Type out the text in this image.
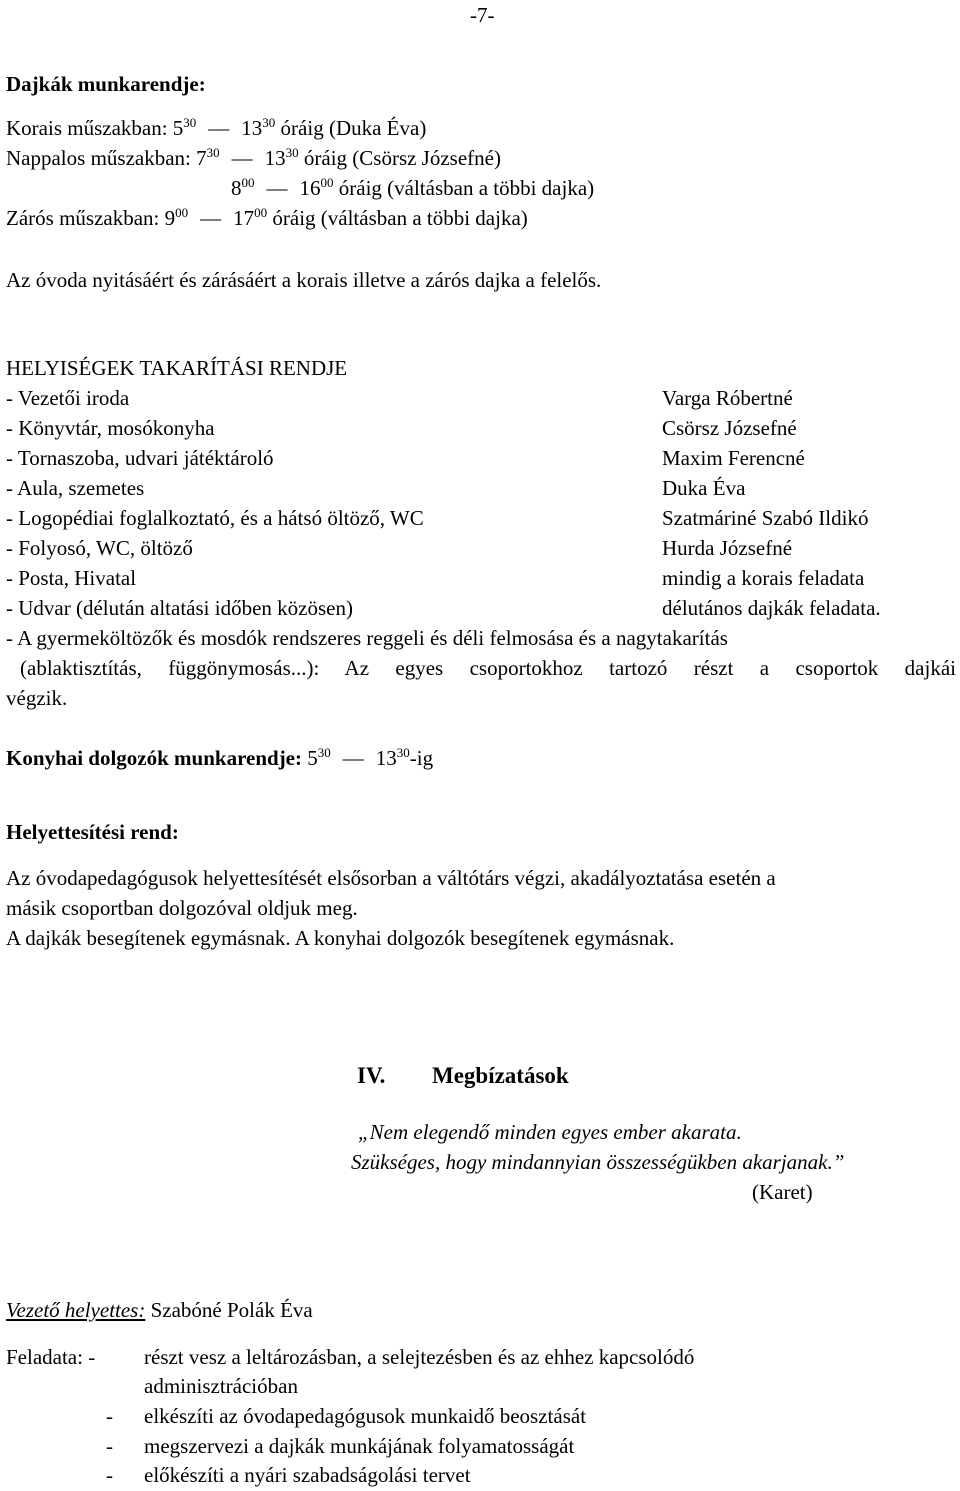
-7-
Dajkák munkarendje:
Korais műszakban: $5^{30}$ — $13^{30}$ óráig (Duka Éva)
Nappalos műszakban: $7^{30}$ — $13^{30}$ óráig (Csörsz Józsefné)
$8^{00}$ — $16^{00}$ óráig (váltásban a többi dajka)
Zárós műszakban: $9^{00}$ — $17^{00}$ óráig (váltásban a többi dajka)
Az óvoda nyitásáért és zárásáért a korais illetve a zárós dajka a felelős.
HELYISÉGEK TAKARÍTÁSI RENDJE
- Vezetői iroda	Varga Róbertné
- Könyvtár, mosókonyha	Csörsz Józsefné
- Tornaszoba, udvari játéktároló	Maxim Ferencné
- Aula, szemetes	Duka Éva
- Logopédiai foglalkoztató, és a hátsó öltöző, WC	Szatmáriné Szabó Ildikó
- Folyosó, WC, öltöző	Hurda Józsefné
- Posta, Hivatal	mindig a korais feladata
- Udvar (délután altatási időben közösen)	délutános dajkák feladata.
- A gyermeköltözők és mosdók rendszeres reggeli és déli felmosása és a nagytakarítás
(ablaktisztítás, függönymosás...): Az egyes csoportokhoz tartozó részt a csoportok dajkái
végzik.
Konyhai dolgozók munkarendje: $5^{30}$ — $13^{30}-ig$
Helyettesítési rend:
Az óvodapedagógusok helyettesítését elsősorban a váltótárs végzi, akadályoztatása esetén a
másik csoportban dolgozóval oldjuk meg.
A dajkák besegítenek egymásnak. A konyhai dolgozók besegítenek egymásnak.
IV. Megbízatások
„Nem elegendő minden egyes ember akarata.
Szükséges, hogy mindannyian összességükben akarjanak.”
(Karet)
Vezető helyettes: Szabóné Polák Éva
Feladata: - részt vesz a leltározásban, a selejtezésben és az ehhez kapcsolódó
adminisztrációban
- elkészíti az óvodapedagógusok munkaidő beosztását
- megszervezi a dajkák munkájának folyamatosságát
- előkészíti a nyári szabadságolási tervet
